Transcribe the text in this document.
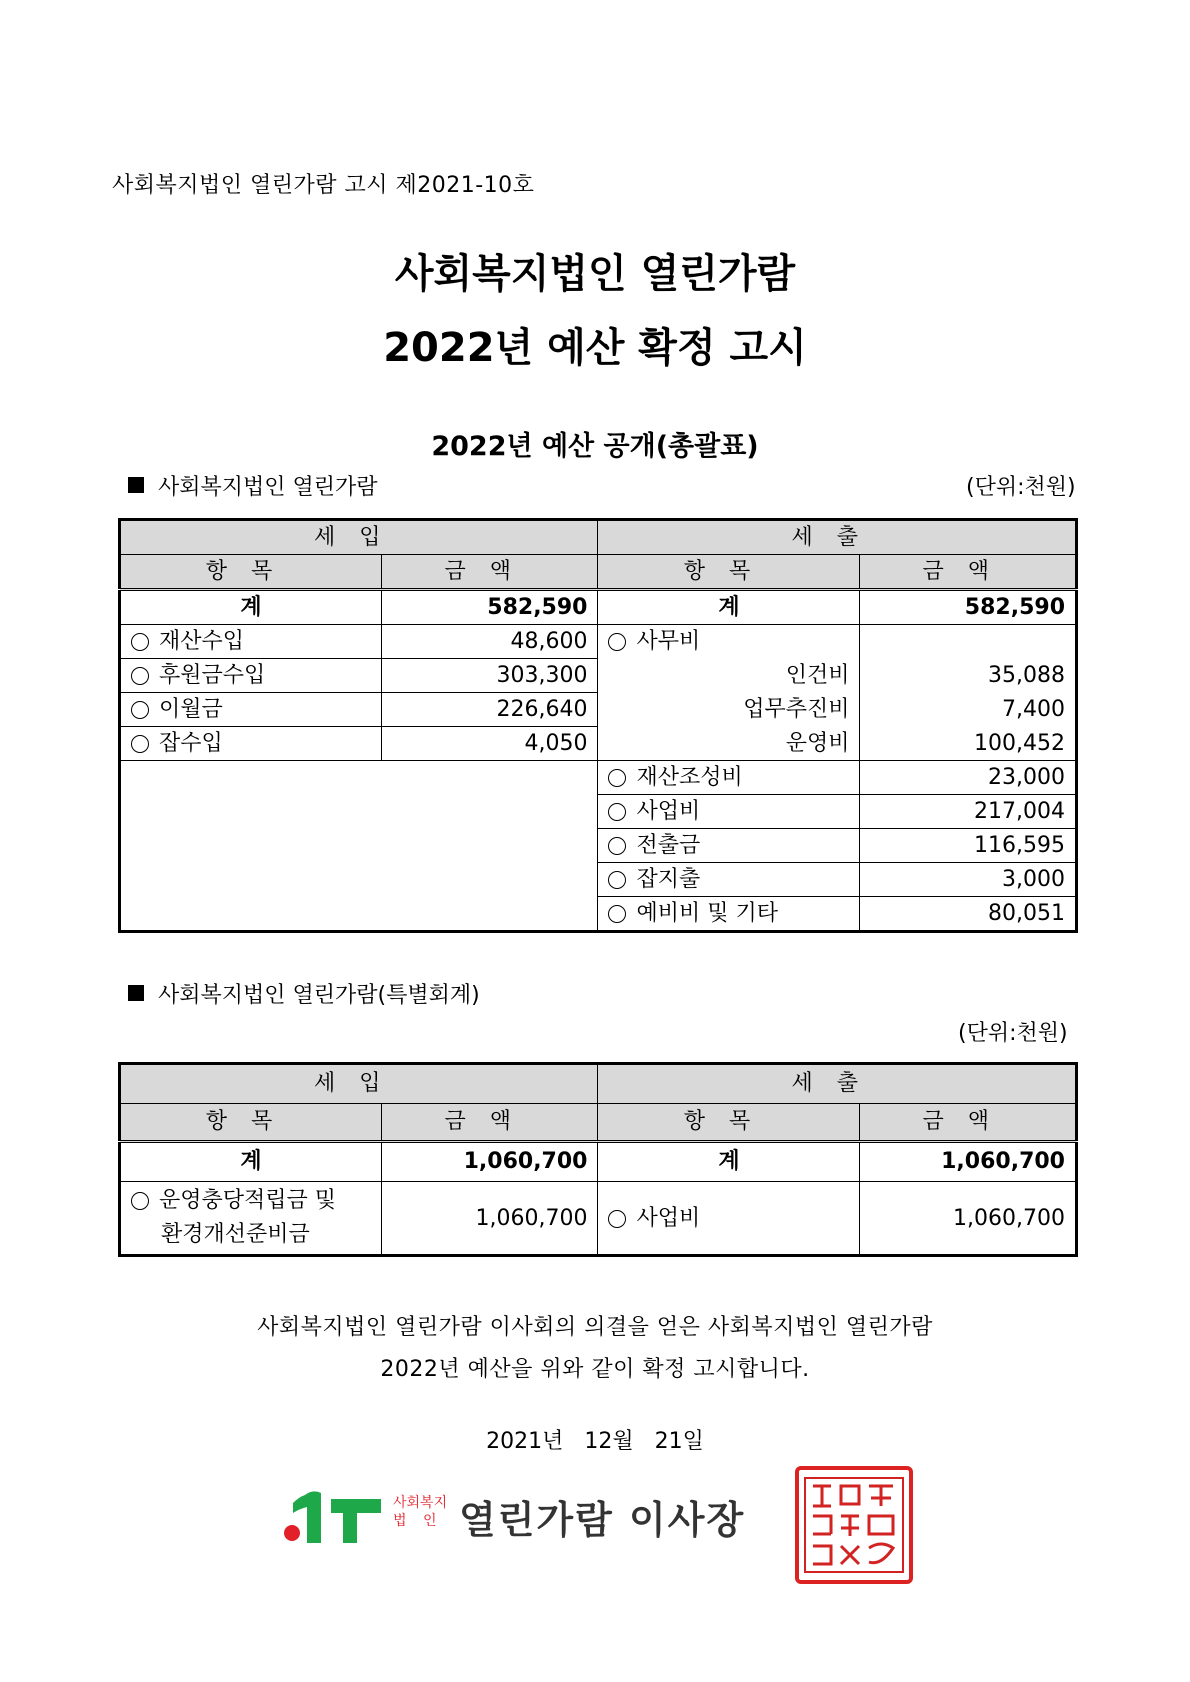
사회복지법인 열린가람 고시 제2021-10호
사회복지법인 열린가람
2022년 예산 확정 고시
2022년 예산 공개(총괄표)
사회복지법인 열린가람	(단위:천원)
세입		세출	
항목	금액	항목	금액
계	582,590	계	582,590
재산수입	48,600	사무비	
후원금수입	303,300	인건비	35,088
이월금	226,640	업무추진비	7,400
잡수입	4,050	운영비	100,452
		재산조성비	23,000
		사업비	217,004
		전출금	116,595
		잡지출	3,000
		예비비 및 기타	80,051
사회복지법인 열린가람(특별회계)
(단위:천원)
세입		세출	
항목	금액	항목	금액
계	1,060,700	계	1,060,700

운영충당적립금 및
환경개선준비금	1,060,700	사업비	1,060,700
사회복지법인 열린가람 이사회의 의결을 얻은 사회복지법인 열린가람
2022년 예산을 위와 같이 확정 고시합니다.
2021년 12월 21일
사회복지
법 인 열린가람 이사장
